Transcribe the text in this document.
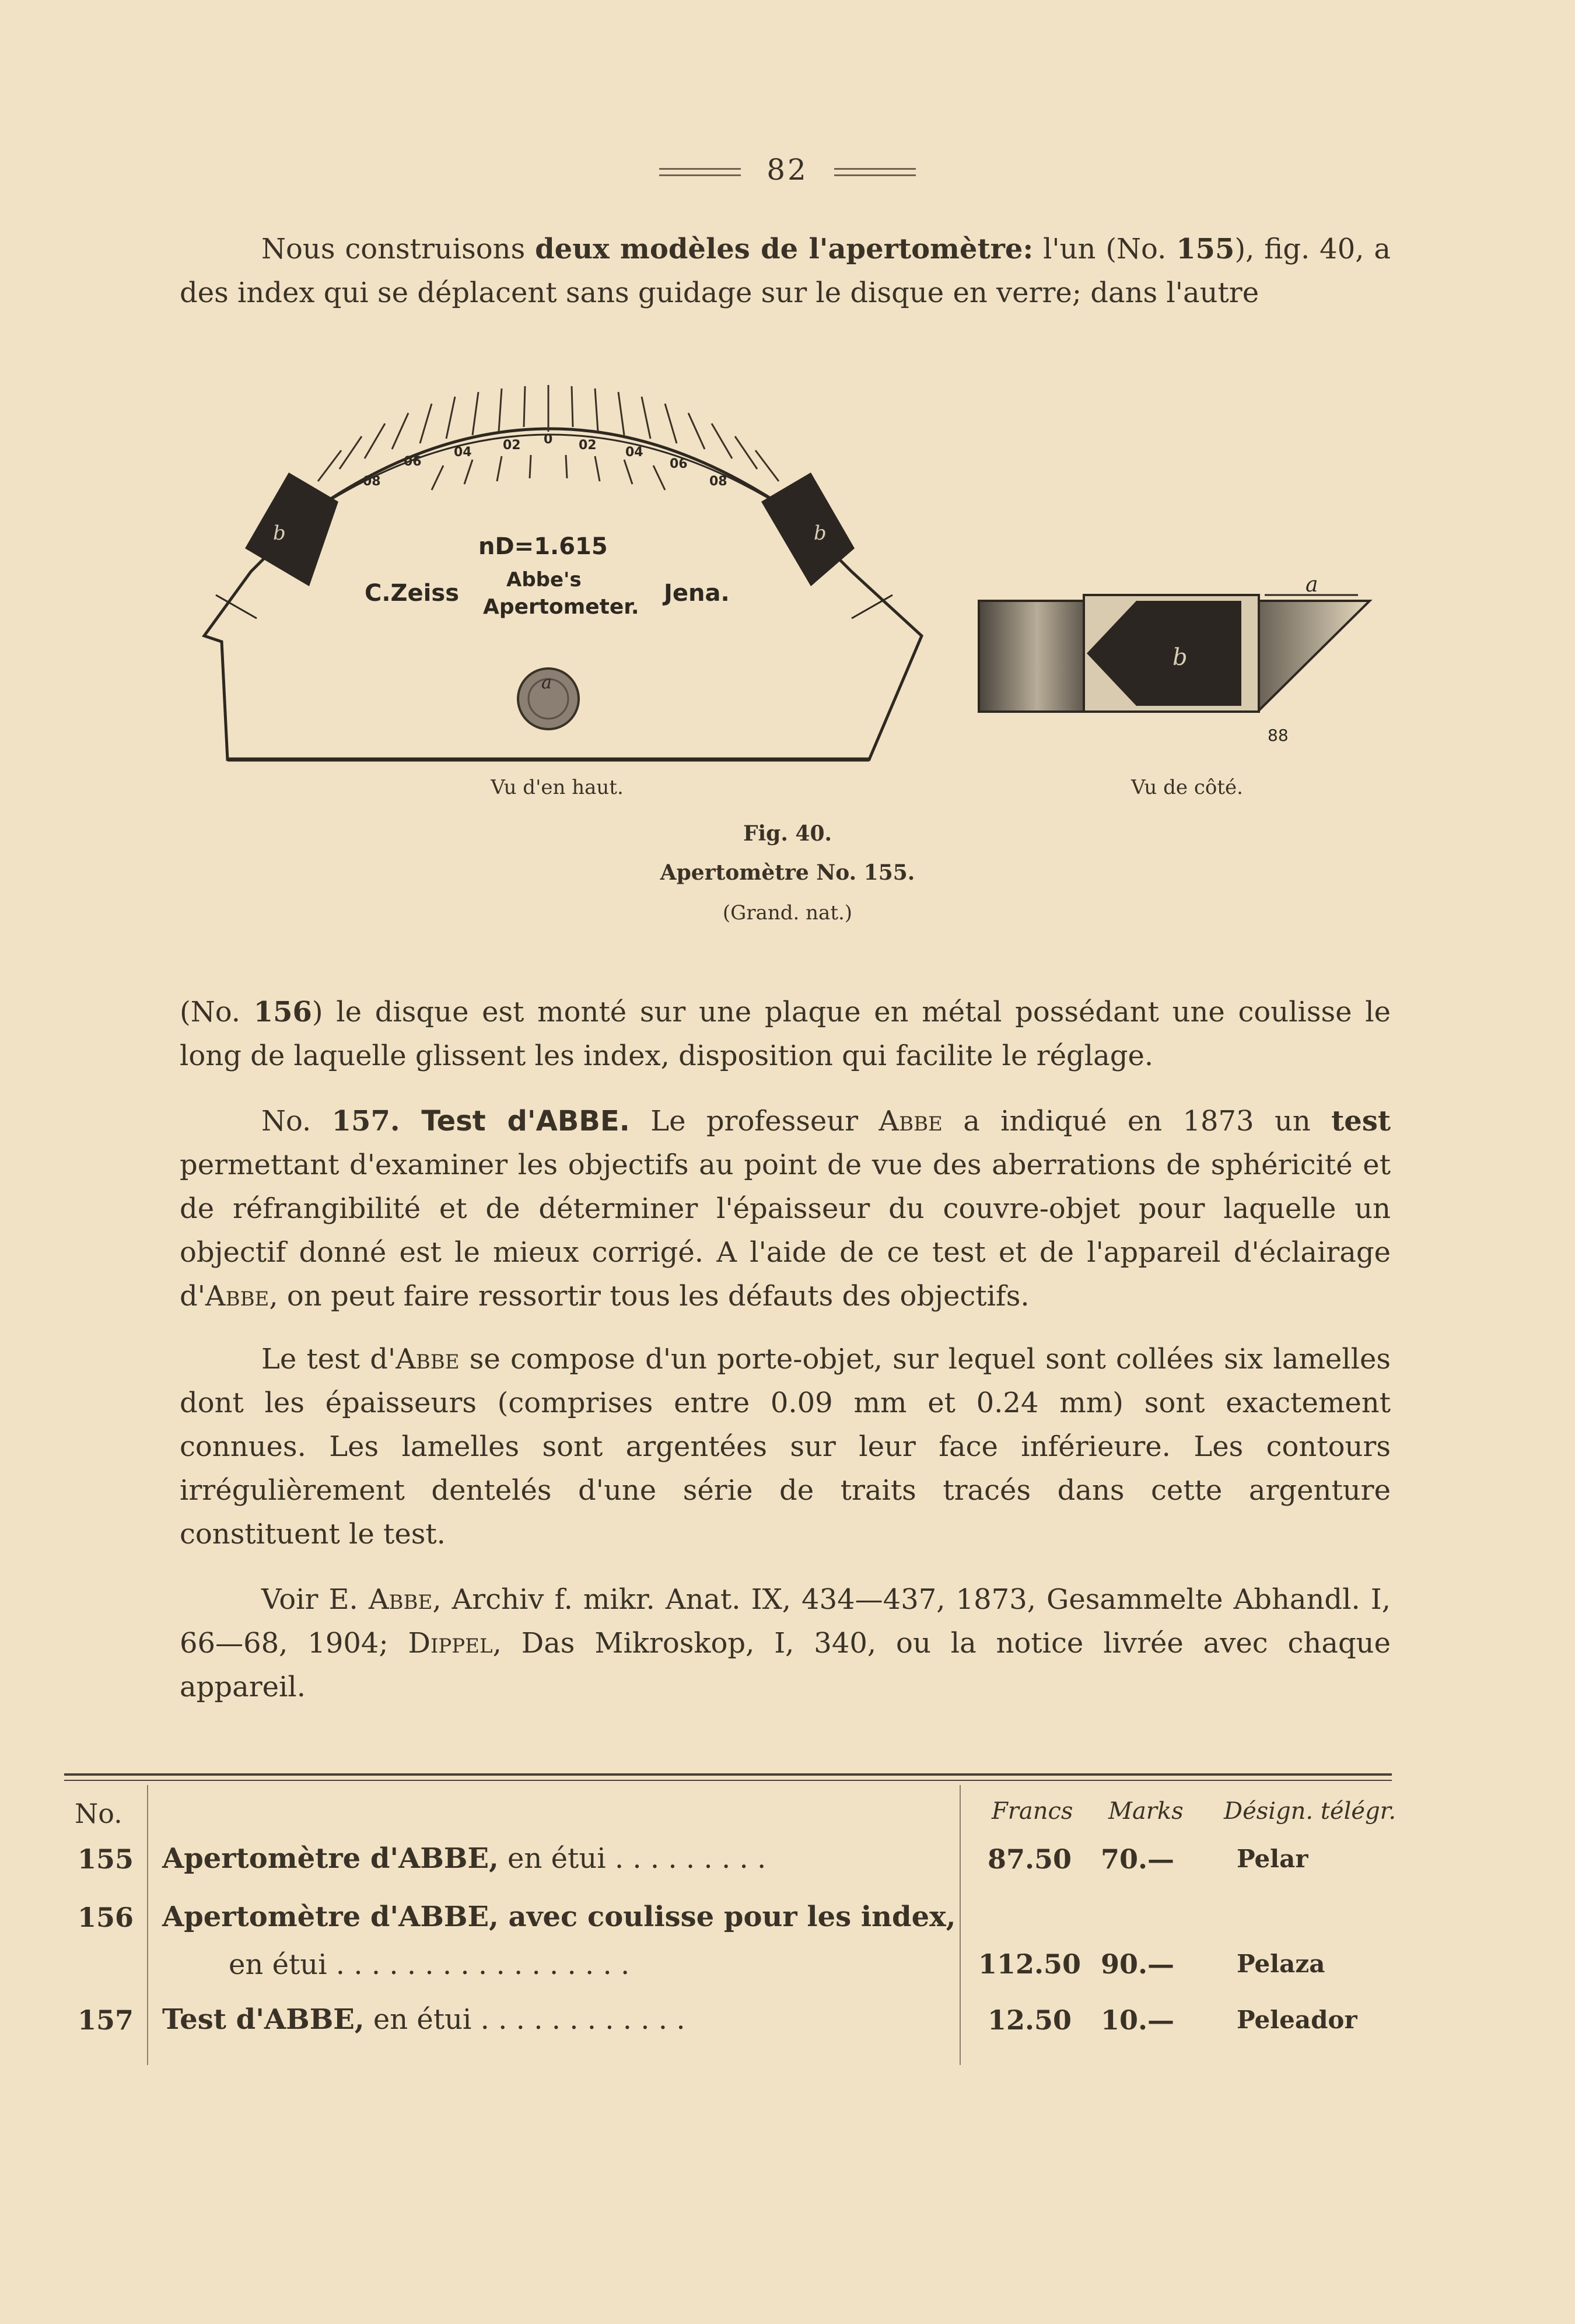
82

Nous construisons deux modèles de l'apertomètre: l'un (No. 155), fig. 40, a des index qui se déplacent sans guidage sur le disque en verre; dans l'autre

02 0 02 04
04
06	06
08	08
b	b
nD=1.615
Abbe's
Apertometer.
C.Zeiss	Jena.
a
b
a
88
Vu d'en haut.	Vu de côté.
Fig. 40.
Apertomètre No. 155.
(Grand. nat.)

(No. 156) le disque est monté sur une plaque en métal possédant une coulisse le long de laquelle glissent les index, disposition qui facilite le réglage.

No. 157. Test d'ABBE. Le professeur Abbe a indiqué en 1873 un test permettant d'examiner les objectifs au point de vue des aberrations de sphéricité et de réfrangibilité et de déterminer l'épaisseur du couvre-objet pour laquelle un objectif donné est le mieux corrigé. A l'aide de ce test et de l'appareil d'éclairage d'Abbe, on peut faire ressortir tous les défauts des objectifs.

Le test d'Abbe se compose d'un porte-objet, sur lequel sont collées six lamelles dont les épaisseurs (comprises entre 0.09 mm et 0.24 mm) sont exactement connues. Les lamelles sont argentées sur leur face inférieure. Les contours irrégulièrement dentelés d'une série de traits tracés dans cette argenture constituent le test.

Voir E. Abbe, Archiv f. mikr. Anat. IX, 434—437, 1873, Gesammelte Abhandl. I, 66—68, 1904; Dippel, Das Mikroskop, I, 340, ou la notice livrée avec chaque appareil.

No.	Francs Marks Désign. télégr.
155	Apertomètre d'ABBE, en étui . . . . . . . . .	87.50	70.—	Pelar
156	Apertomètre d'ABBE, avec coulisse pour les index,
en étui . . . . . . . . . . . . . . . . .	112.50 90.—	Pelaza
157	Test d'ABBE, en étui . . . . . . . . . . . .	12.50	10.—	Peleador
